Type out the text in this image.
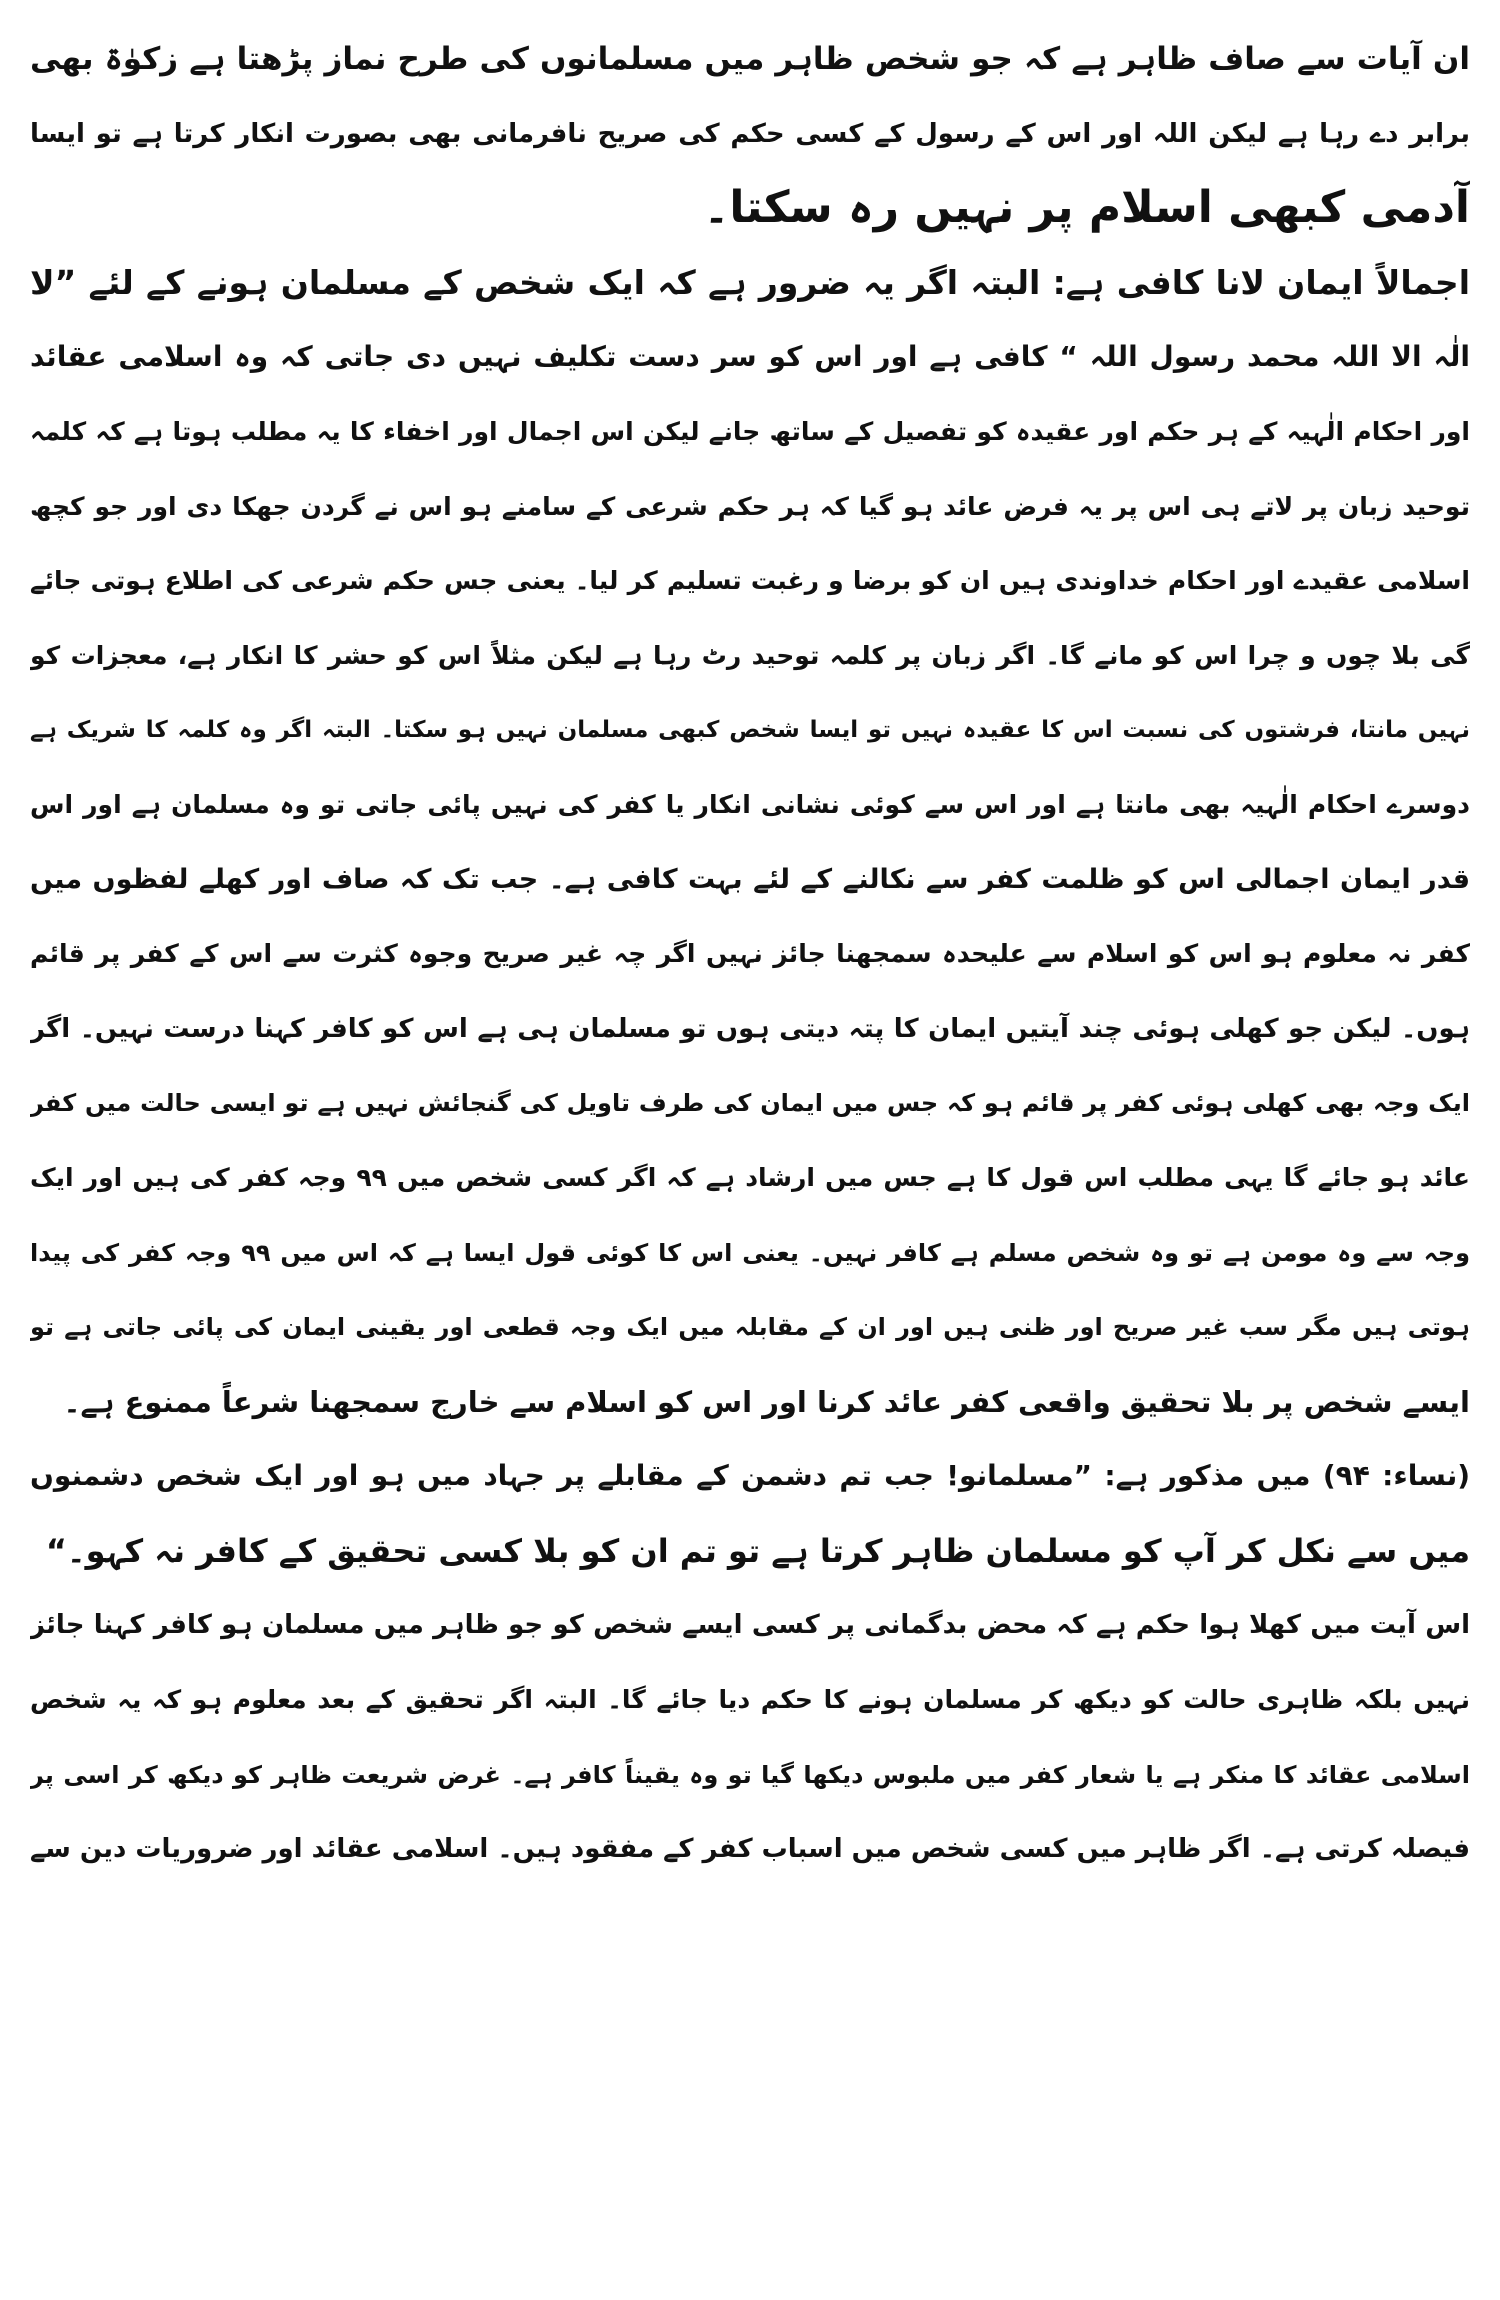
ان آیات سے صاف ظاہر ہے کہ جو شخص ظاہر میں مسلمانوں کی طرح نماز پڑھتا ہے زکوٰۃ بھی
برابر دے رہا ہے لیکن اللہ اور اس کے رسول کے کسی حکم کی صریح نافرمانی بھی بصورت انکار کرتا ہے تو ایسا
آدمی کبھی اسلام پر نہیں رہ سکتا۔
اجمالاً ایمان لانا کافی ہے: البتہ اگر یہ ضرور ہے کہ ایک شخص کے مسلمان ہونے کے لئے ”لا
الٰہ الا اللہ محمد رسول اللہ “ کافی ہے اور اس کو سر دست تکلیف نہیں دی جاتی کہ وہ اسلامی عقائد
اور احکام الٰہیہ کے ہر حکم اور عقیدہ کو تفصیل کے ساتھ جانے لیکن اس اجمال اور اخفاء کا یہ مطلب ہوتا ہے کہ کلمہ
توحید زبان پر لاتے ہی اس پر یہ فرض عائد ہو گیا کہ ہر حکم شرعی کے سامنے ہو اس نے گردن جھکا دی اور جو کچھ
اسلامی عقیدے اور احکام خداوندی ہیں ان کو برضا و رغبت تسلیم کر لیا۔ یعنی جس حکم شرعی کی اطلاع ہوتی جائے
گی بلا چوں و چرا اس کو مانے گا۔ اگر زبان پر کلمہ توحید رٹ رہا ہے لیکن مثلاً اس کو حشر کا انکار ہے، معجزات کو
نہیں مانتا، فرشتوں کی نسبت اس کا عقیدہ نہیں تو ایسا شخص کبھی مسلمان نہیں ہو سکتا۔ البتہ اگر وہ کلمہ کا شریک ہے
دوسرے احکام الٰہیہ بھی مانتا ہے اور اس سے کوئی نشانی انکار یا کفر کی نہیں پائی جاتی تو وہ مسلمان ہے اور اس
قدر ایمان اجمالی اس کو ظلمت کفر سے نکالنے کے لئے بہت کافی ہے۔ جب تک کہ صاف اور کھلے لفظوں میں
کفر نہ معلوم ہو اس کو اسلام سے علیحدہ سمجھنا جائز نہیں اگر چہ غیر صریح وجوہ کثرت سے اس کے کفر پر قائم
ہوں۔ لیکن جو کھلی ہوئی چند آیتیں ایمان کا پتہ دیتی ہوں تو مسلمان ہی ہے اس کو کافر کہنا درست نہیں۔ اگر
ایک وجہ بھی کھلی ہوئی کفر پر قائم ہو کہ جس میں ایمان کی طرف تاویل کی گنجائش نہیں ہے تو ایسی حالت میں کفر
عائد ہو جائے گا یہی مطلب اس قول کا ہے جس میں ارشاد ہے کہ اگر کسی شخص میں ۹۹ وجہ کفر کی ہیں اور ایک
وجہ سے وہ مومن ہے تو وہ شخص مسلم ہے کافر نہیں۔ یعنی اس کا کوئی قول ایسا ہے کہ اس میں ۹۹ وجہ کفر کی پیدا
ہوتی ہیں مگر سب غیر صریح اور ظنی ہیں اور ان کے مقابلہ میں ایک وجہ قطعی اور یقینی ایمان کی پائی جاتی ہے تو
ایسے شخص پر بلا تحقیق واقعی کفر عائد کرنا اور اس کو اسلام سے خارج سمجھنا شرعاً ممنوع ہے۔
(نساء: ۹۴) میں مذکور ہے: ”مسلمانو! جب تم دشمن کے مقابلے پر جہاد میں ہو اور ایک شخص دشمنوں
میں سے نکل کر آپ کو مسلمان ظاہر کرتا ہے تو تم ان کو بلا کسی تحقیق کے کافر نہ کہو۔“
اس آیت میں کھلا ہوا حکم ہے کہ محض بدگمانی پر کسی ایسے شخص کو جو ظاہر میں مسلمان ہو کافر کہنا جائز
نہیں بلکہ ظاہری حالت کو دیکھ کر مسلمان ہونے کا حکم دیا جائے گا۔ البتہ اگر تحقیق کے بعد معلوم ہو کہ یہ شخص
اسلامی عقائد کا منکر ہے یا شعار کفر میں ملبوس دیکھا گیا تو وہ یقیناً کافر ہے۔ غرض شریعت ظاہر کو دیکھ کر اسی پر
فیصلہ کرتی ہے۔ اگر ظاہر میں کسی شخص میں اسباب کفر کے مفقود ہیں۔ اسلامی عقائد اور ضروریات دین سے
